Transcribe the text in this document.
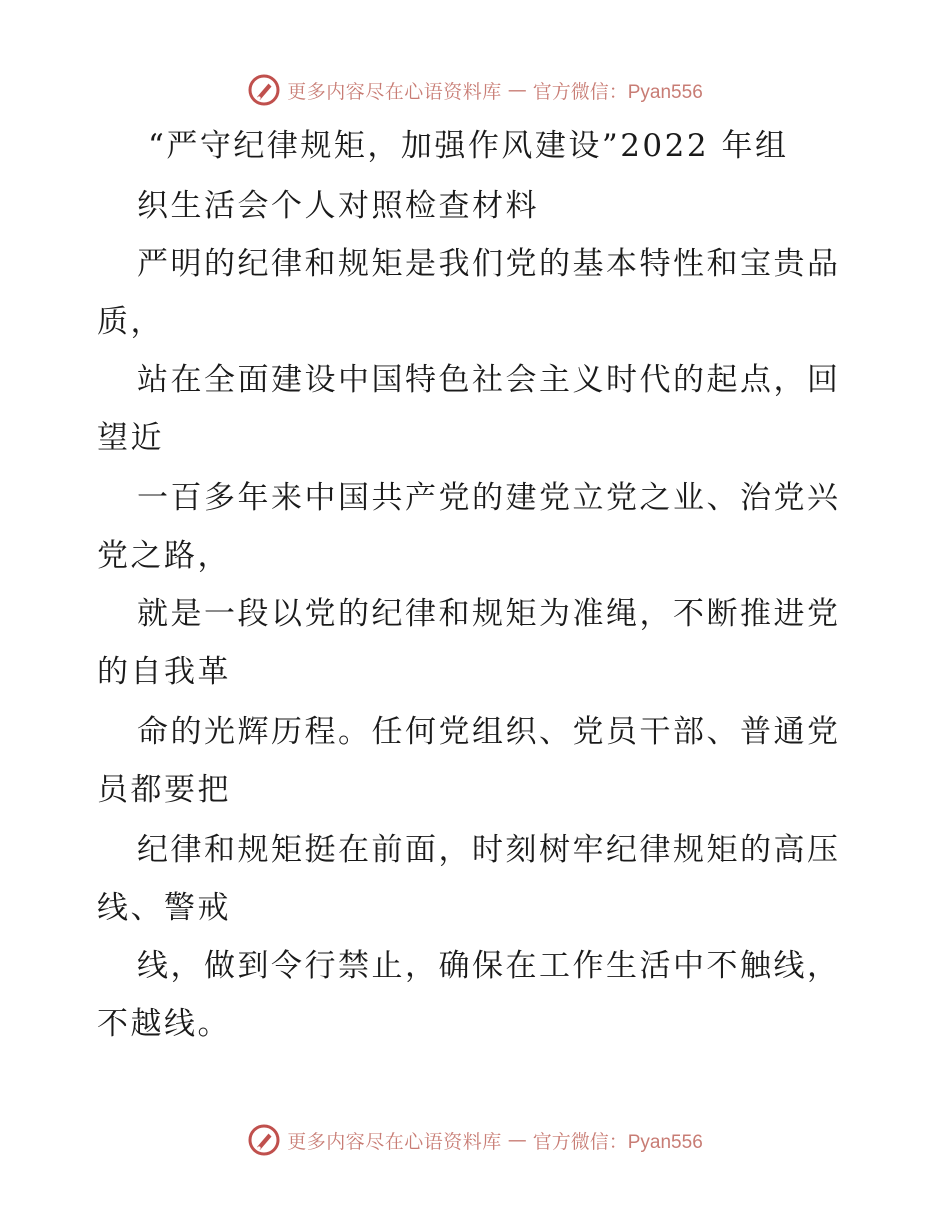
更多内容尽在心语资料库 — 官方微信：Pyan556
“严守纪律规矩，加强作风建设”2022 年组
织生活会个人对照检查材料
严明的纪律和规矩是我们党的基本特性和宝贵品
质，
站在全面建设中国特色社会主义时代的起点，回
望近
一百多年来中国共产党的建党立党之业、治党兴
党之路，
就是一段以党的纪律和规矩为准绳，不断推进党
的自我革
命的光辉历程。任何党组织、党员干部、普通党
员都要把
纪律和规矩挺在前面，时刻树牢纪律规矩的高压
线、警戒
线，做到令行禁止，确保在工作生活中不触线，
不越线。
更多内容尽在心语资料库 — 官方微信：Pyan556
